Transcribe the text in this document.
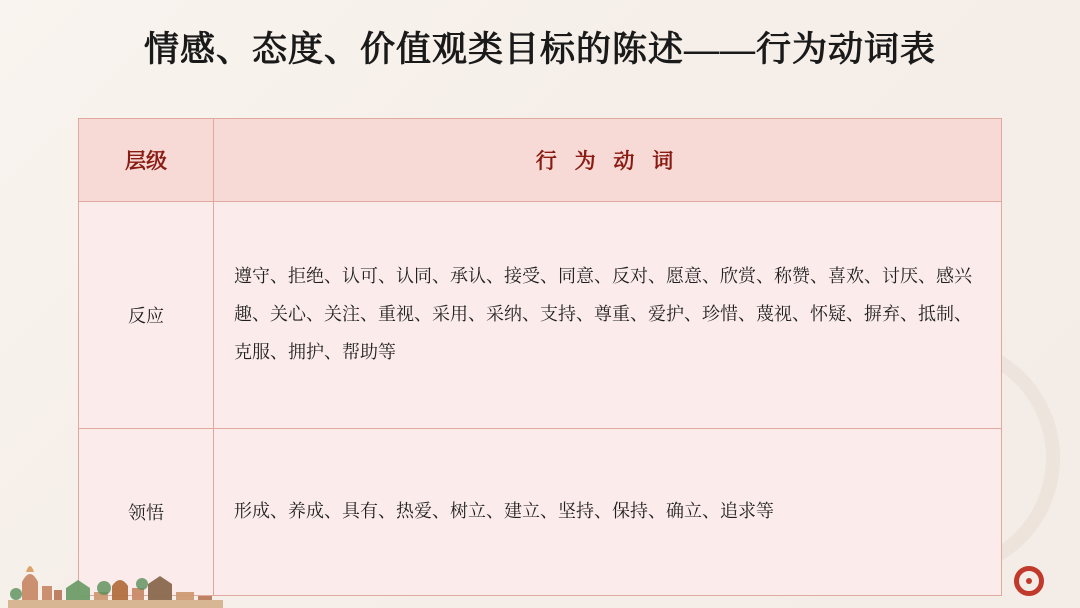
情感、态度、价值观类目标的陈述——行为动词表
层级	行 为 动 词
反应	遵守、拒绝、认可、认同、承认、接受、同意、反对、愿意、欣赏、称赞、喜欢、讨厌、感兴趣、关心、关注、重视、采用、采纳、支持、尊重、爱护、珍惜、蔑视、怀疑、摒弃、抵制、克服、拥护、帮助等
领悟	形成、养成、具有、热爱、树立、建立、坚持、保持、确立、追求等
